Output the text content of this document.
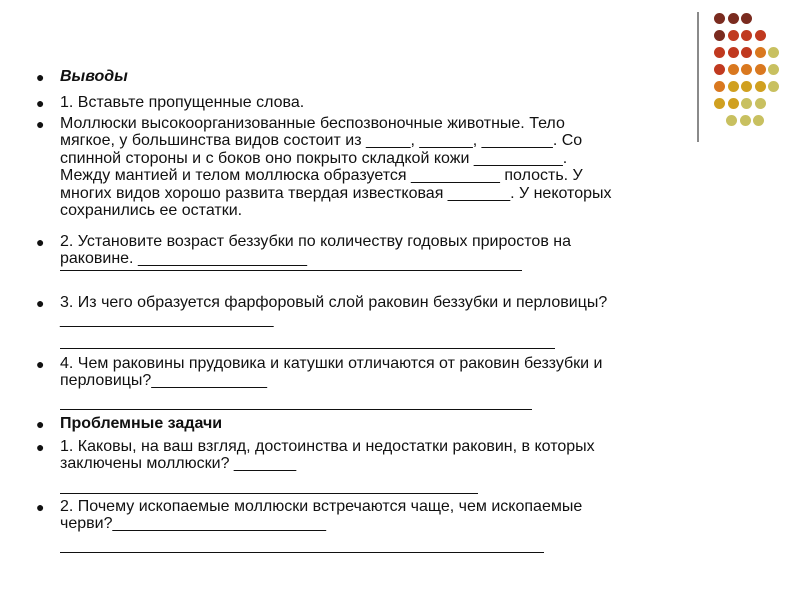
● Выводы
● 1. Вставьте пропущенные слова.
● Моллюски высокоорганизованные беспозвоночные животные. Тело
мягкое, у большинства видов состоит из _____, ______, ________. Со
спинной стороны и с боков оно покрыто складкой кожи __________.
Между мантией и телом моллюска образуется __________ полость. У
многих видов хорошо развита твердая известковая _______. У некоторых
сохранились ее остатки.
● 2. Установите возраст беззубки по количеству годовых приростов на
раковине. ___________________
● 3. Из чего образуется фарфоровый слой раковин беззубки и перловицы?
________________________
● 4. Чем раковины прудовика и катушки отличаются от раковин беззубки и
перловицы?_____________
● Проблемные задачи
● 1. Каковы, на ваш взгляд, достоинства и недостатки раковин, в которых
заключены моллюски? _______
● 2. Почему ископаемые моллюски встречаются чаще, чем ископаемые
черви?________________________
